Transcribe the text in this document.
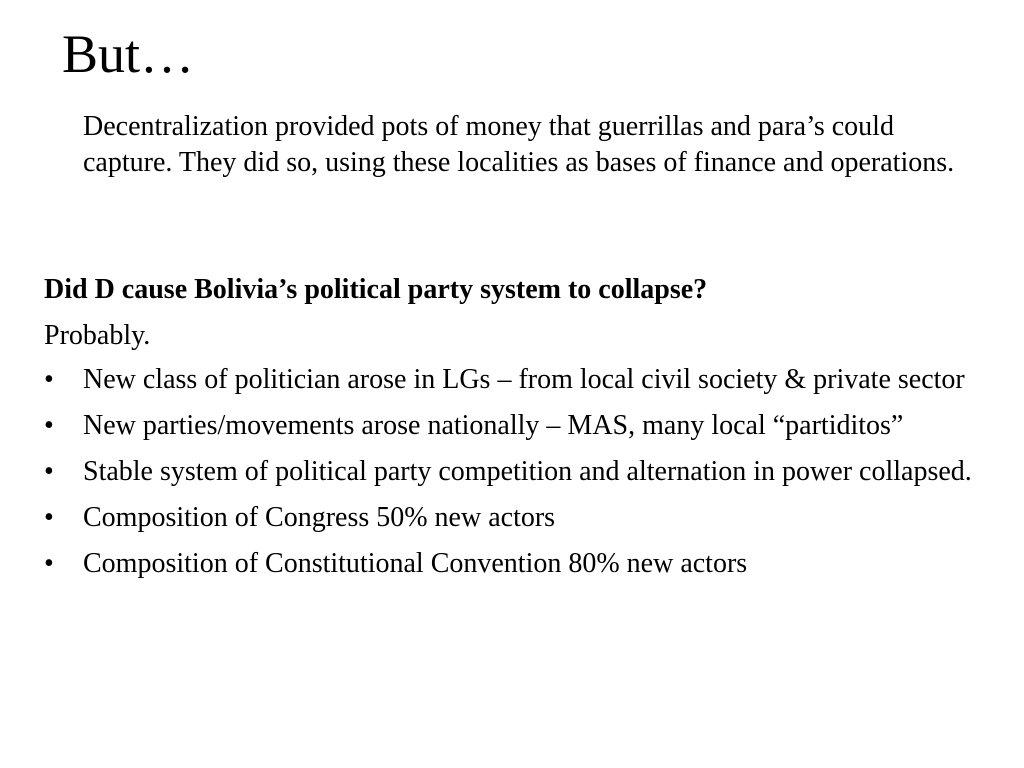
But…

Decentralization provided pots of money that guerrillas and para’s could capture. They did so, using these localities as bases of finance and operations.

Did D cause Bolivia’s political party system to collapse?

Probably.

•	New class of politician arose in LGs – from local civil society & private sector
•	New parties/movements arose nationally – MAS, many local “partiditos”
•	Stable system of political party competition and alternation in power collapsed.
•	Composition of Congress 50% new actors
•	Composition of Constitutional Convention 80% new actors
